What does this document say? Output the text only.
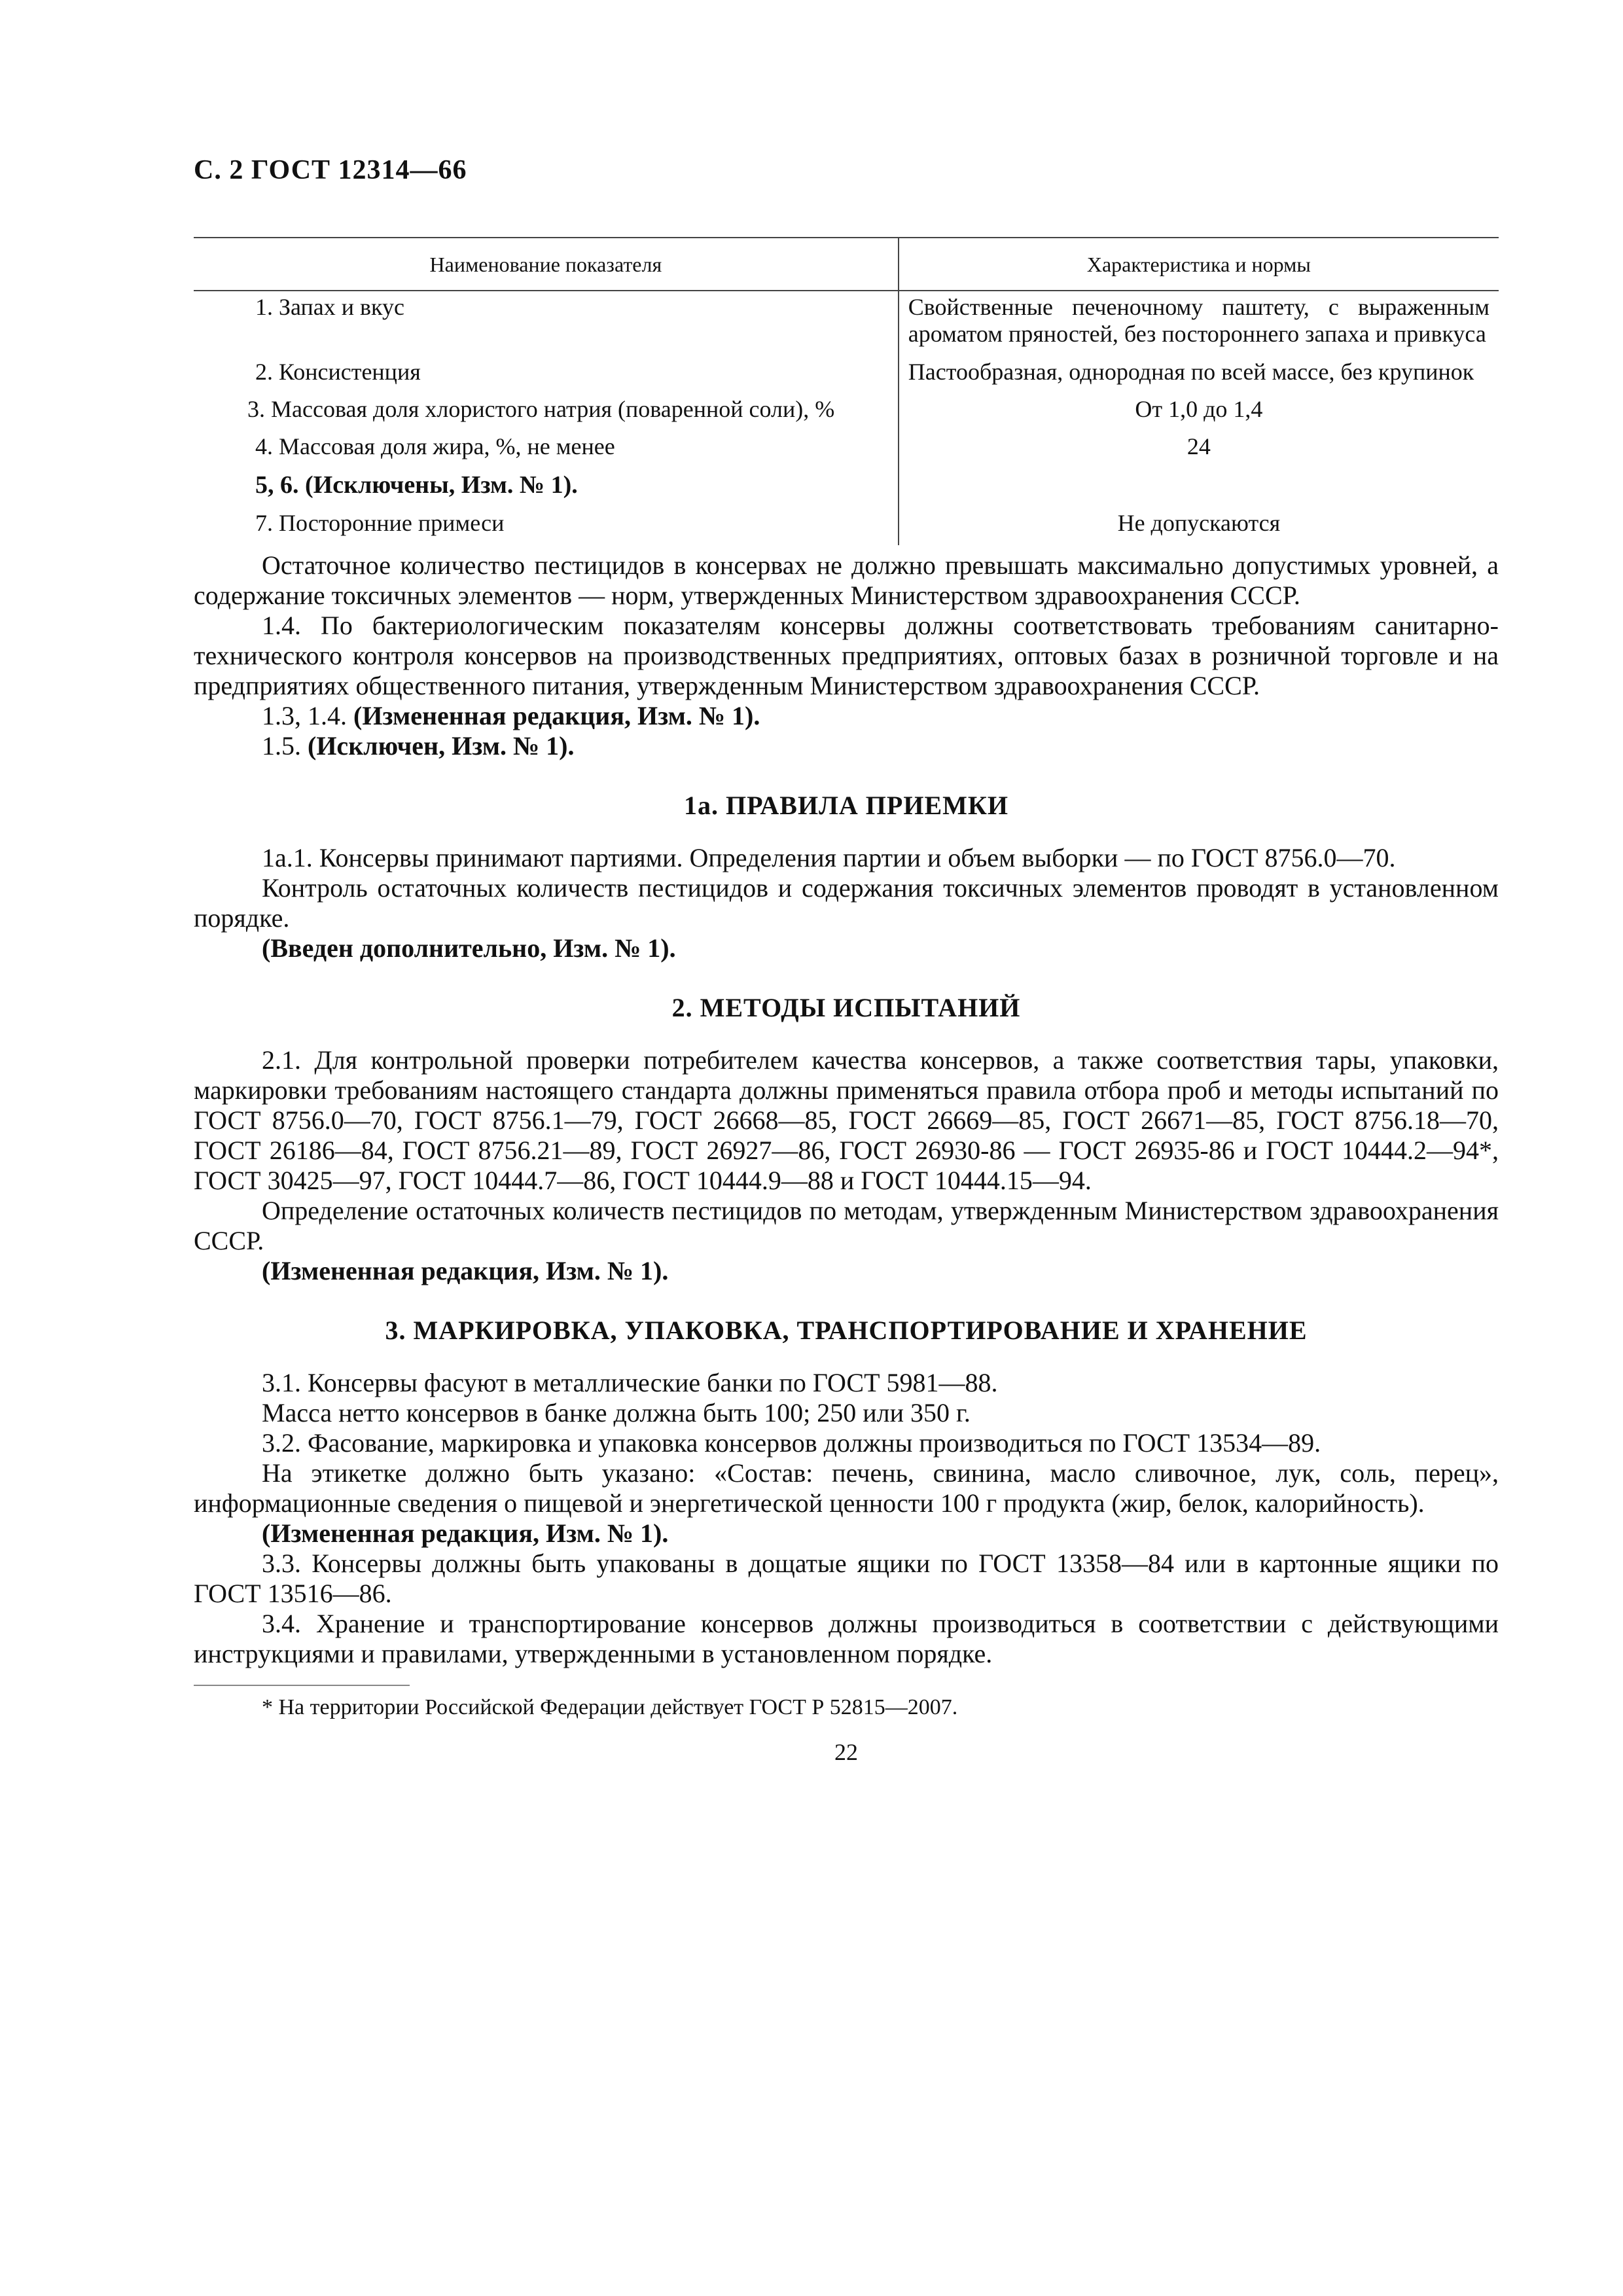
С. 2 ГОСТ 12314—66
Наименование показателя	Характеристика и нормы
1. Запах и вкус	Свойственные печеночному паштету, с выраженным ароматом пряностей, без постороннего запаха и привкуса
2. Консистенция	Пастообразная, однородная по всей массе, без крупинок
3. Массовая доля хлористого натрия (поваренной соли), %	От 1,0 до 1,4
4. Массовая доля жира, %, не менее	24
5, 6. (Исключены, Изм. № 1).	
7. Посторонние примеси	Не допускаются

Остаточное количество пестицидов в консервах не должно превышать максимально допустимых уровней, а содержание токсичных элементов — норм, утвержденных Министерством здравоохранения СССР.

1.4. По бактериологическим показателям консервы должны соответствовать требованиям санитарно-технического контроля консервов на производственных предприятиях, оптовых базах в розничной торговле и на предприятиях общественного питания, утвержденным Министерством здравоохранения СССР.

1.3, 1.4. (Измененная редакция, Изм. № 1).

1.5. (Исключен, Изм. № 1).

1а. ПРАВИЛА ПРИЕМКИ

1а.1. Консервы принимают партиями. Определения партии и объем выборки — по ГОСТ 8756.0—70.

Контроль остаточных количеств пестицидов и содержания токсичных элементов проводят в установленном порядке.

(Введен дополнительно, Изм. № 1).

2. МЕТОДЫ ИСПЫТАНИЙ

2.1. Для контрольной проверки потребителем качества консервов, а также соответствия тары, упаковки, маркировки требованиям настоящего стандарта должны применяться правила отбора проб и методы испытаний по ГОСТ 8756.0—70, ГОСТ 8756.1—79, ГОСТ 26668—85, ГОСТ 26669—85, ГОСТ 26671—85, ГОСТ 8756.18—70, ГОСТ 26186—84, ГОСТ 8756.21—89, ГОСТ 26927—86, ГОСТ 26930-86 — ГОСТ 26935-86 и ГОСТ 10444.2—94*, ГОСТ 30425—97, ГОСТ 10444.7—86, ГОСТ 10444.9—88 и ГОСТ 10444.15—94.

Определение остаточных количеств пестицидов по методам, утвержденным Министерством здравоохранения СССР.

(Измененная редакция, Изм. № 1).

3. МАРКИРОВКА, УПАКОВКА, ТРАНСПОРТИРОВАНИЕ И ХРАНЕНИЕ

3.1. Консервы фасуют в металлические банки по ГОСТ 5981—88.

Масса нетто консервов в банке должна быть 100; 250 или 350 г.

3.2. Фасование, маркировка и упаковка консервов должны производиться по ГОСТ 13534—89.

На этикетке должно быть указано: «Состав: печень, свинина, масло сливочное, лук, соль, перец», информационные сведения о пищевой и энергетической ценности 100 г продукта (жир, белок, калорийность).

(Измененная редакция, Изм. № 1).

3.3. Консервы должны быть упакованы в дощатые ящики по ГОСТ 13358—84 или в картонные ящики по ГОСТ 13516—86.

3.4. Хранение и транспортирование консервов должны производиться в соответствии с действующими инструкциями и правилами, утвержденными в установленном порядке.

* На территории Российской Федерации действует ГОСТ Р 52815—2007.

22
